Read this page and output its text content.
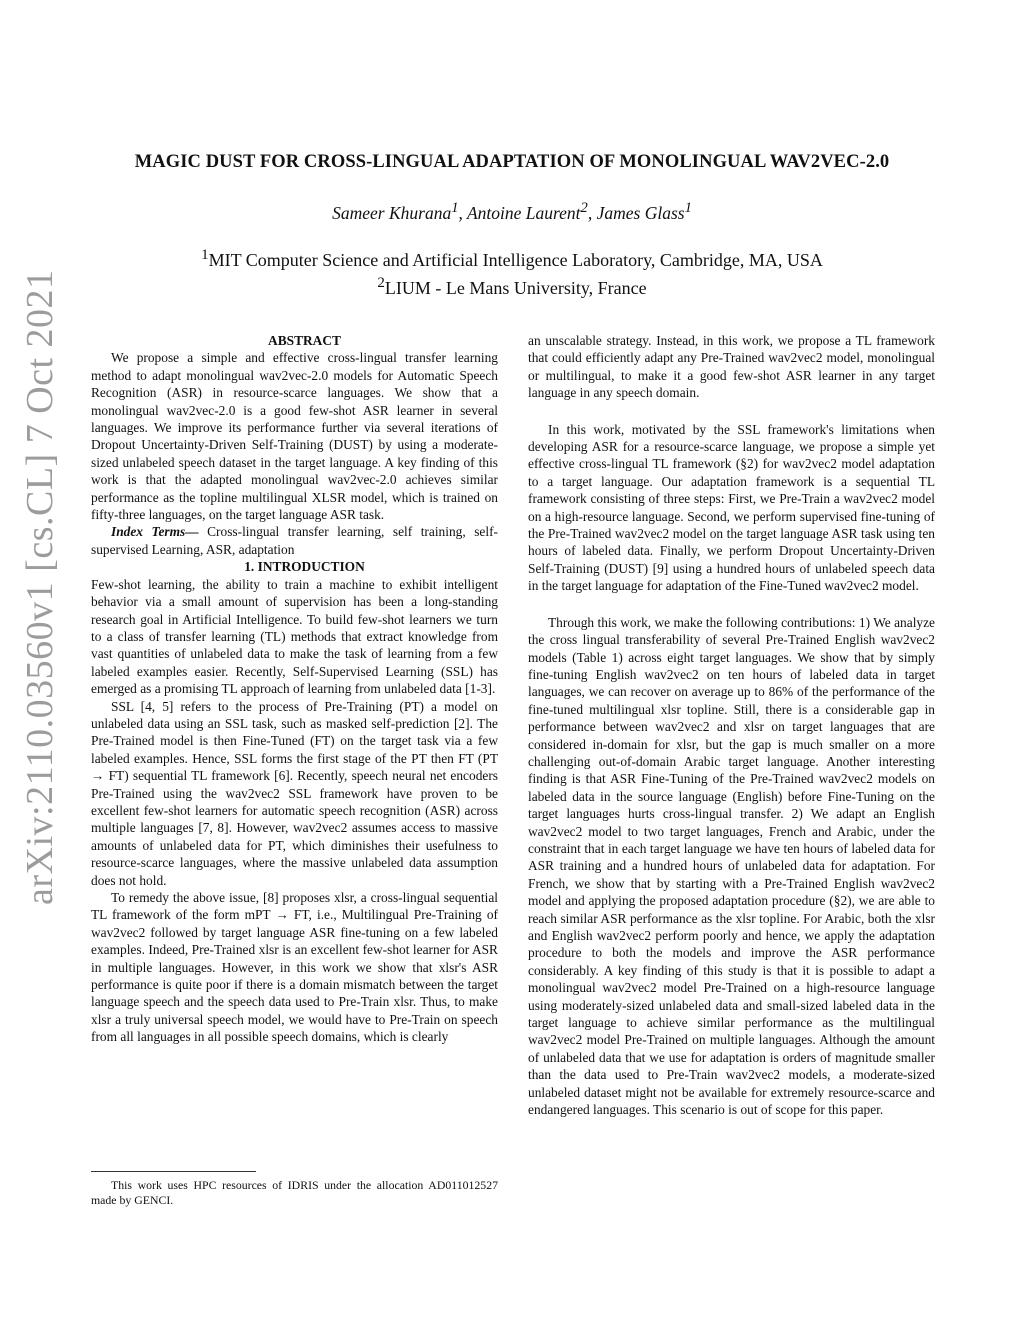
arXiv:2110.03560v1 [cs.CL] 7 Oct 2021
MAGIC DUST FOR CROSS-LINGUAL ADAPTATION OF MONOLINGUAL WAV2VEC-2.0
Sameer Khurana$^1$, Antoine Laurent$^2$, James Glass$^1$
$^1$MIT Computer Science and Artificial Intelligence Laboratory, Cambridge, MA, USA
$^2$LIUM - Le Mans University, France

ABSTRACT

We propose a simple and effective cross-lingual transfer learning method to adapt monolingual wav2vec-2.0 models for Automatic Speech Recognition (ASR) in resource-scarce languages. We show that a monolingual wav2vec-2.0 is a good few-shot ASR learner in several languages. We improve its performance further via several iterations of Dropout Uncertainty-Driven Self-Training (DUST) by using a moderate-sized unlabeled speech dataset in the target language. A key finding of this work is that the adapted monolingual wav2vec-2.0 achieves similar performance as the topline multilingual XLSR model, which is trained on fifty-three languages, on the target language ASR task.

Index Terms— Cross-lingual transfer learning, self training, self-supervised Learning, ASR, adaptation

1. INTRODUCTION

Few-shot learning, the ability to train a machine to exhibit intelligent behavior via a small amount of supervision has been a long-standing research goal in Artificial Intelligence. To build few-shot learners we turn to a class of transfer learning (TL) methods that extract knowledge from vast quantities of unlabeled data to make the task of learning from a few labeled examples easier. Recently, Self-Supervised Learning (SSL) has emerged as a promising TL approach of learning from unlabeled data [1-3].

SSL [4, 5] refers to the process of Pre-Training (PT) a model on unlabeled data using an SSL task, such as masked self-prediction [2]. The Pre-Trained model is then Fine-Tuned (FT) on the target task via a few labeled examples. Hence, SSL forms the first stage of the PT then FT (PT → FT) sequential TL framework [6]. Recently, speech neural net encoders Pre-Trained using the wav2vec2 SSL framework have proven to be excellent few-shot learners for automatic speech recognition (ASR) across multiple languages [7, 8]. However, wav2vec2 assumes access to massive amounts of unlabeled data for PT, which diminishes their usefulness to resource-scarce languages, where the massive unlabeled data assumption does not hold.

To remedy the above issue, [8] proposes xlsr, a cross-lingual sequential TL framework of the form mPT → FT, i.e., Multilingual Pre-Training of wav2vec2 followed by target language ASR fine-tuning on a few labeled examples. Indeed, Pre-Trained xlsr is an excellent few-shot learner for ASR in multiple languages. However, in this work we show that xlsr's ASR performance is quite poor if there is a domain mismatch between the target language speech and the speech data used to Pre-Train xlsr. Thus, to make xlsr a truly universal speech model, we would have to Pre-Train on speech from all languages in all possible speech domains, which is clearly

This work uses HPC resources of IDRIS under the allocation AD011012527 made by GENCI.

an unscalable strategy. Instead, in this work, we propose a TL framework that could efficiently adapt any Pre-Trained wav2vec2 model, monolingual or multilingual, to make it a good few-shot ASR learner in any target language in any speech domain.

In this work, motivated by the SSL framework's limitations when developing ASR for a resource-scarce language, we propose a simple yet effective cross-lingual TL framework (§2) for wav2vec2 model adaptation to a target language. Our adaptation framework is a sequential TL framework consisting of three steps: First, we Pre-Train a wav2vec2 model on a high-resource language. Second, we perform supervised fine-tuning of the Pre-Trained wav2vec2 model on the target language ASR task using ten hours of labeled data. Finally, we perform Dropout Uncertainty-Driven Self-Training (DUST) [9] using a hundred hours of unlabeled speech data in the target language for adaptation of the Fine-Tuned wav2vec2 model.

Through this work, we make the following contributions: 1) We analyze the cross lingual transferability of several Pre-Trained English wav2vec2 models (Table 1) across eight target languages. We show that by simply fine-tuning English wav2vec2 on ten hours of labeled data in target languages, we can recover on average up to 86% of the performance of the fine-tuned multilingual xlsr topline. Still, there is a considerable gap in performance between wav2vec2 and xlsr on target languages that are considered in-domain for xlsr, but the gap is much smaller on a more challenging out-of-domain Arabic target language. Another interesting finding is that ASR Fine-Tuning of the Pre-Trained wav2vec2 models on labeled data in the source language (English) before Fine-Tuning on the target languages hurts cross-lingual transfer. 2) We adapt an English wav2vec2 model to two target languages, French and Arabic, under the constraint that in each target language we have ten hours of labeled data for ASR training and a hundred hours of unlabeled data for adaptation. For French, we show that by starting with a Pre-Trained English wav2vec2 model and applying the proposed adaptation procedure (§2), we are able to reach similar ASR performance as the xlsr topline. For Arabic, both the xlsr and English wav2vec2 perform poorly and hence, we apply the adaptation procedure to both the models and improve the ASR performance considerably. A key finding of this study is that it is possible to adapt a monolingual wav2vec2 model Pre-Trained on a high-resource language using moderately-sized unlabeled data and small-sized labeled data in the target language to achieve similar performance as the multilingual wav2vec2 model Pre-Trained on multiple languages. Although the amount of unlabeled data that we use for adaptation is orders of magnitude smaller than the data used to Pre-Train wav2vec2 models, a moderate-sized unlabeled dataset might not be available for extremely resource-scarce and endangered languages. This scenario is out of scope for this paper.
